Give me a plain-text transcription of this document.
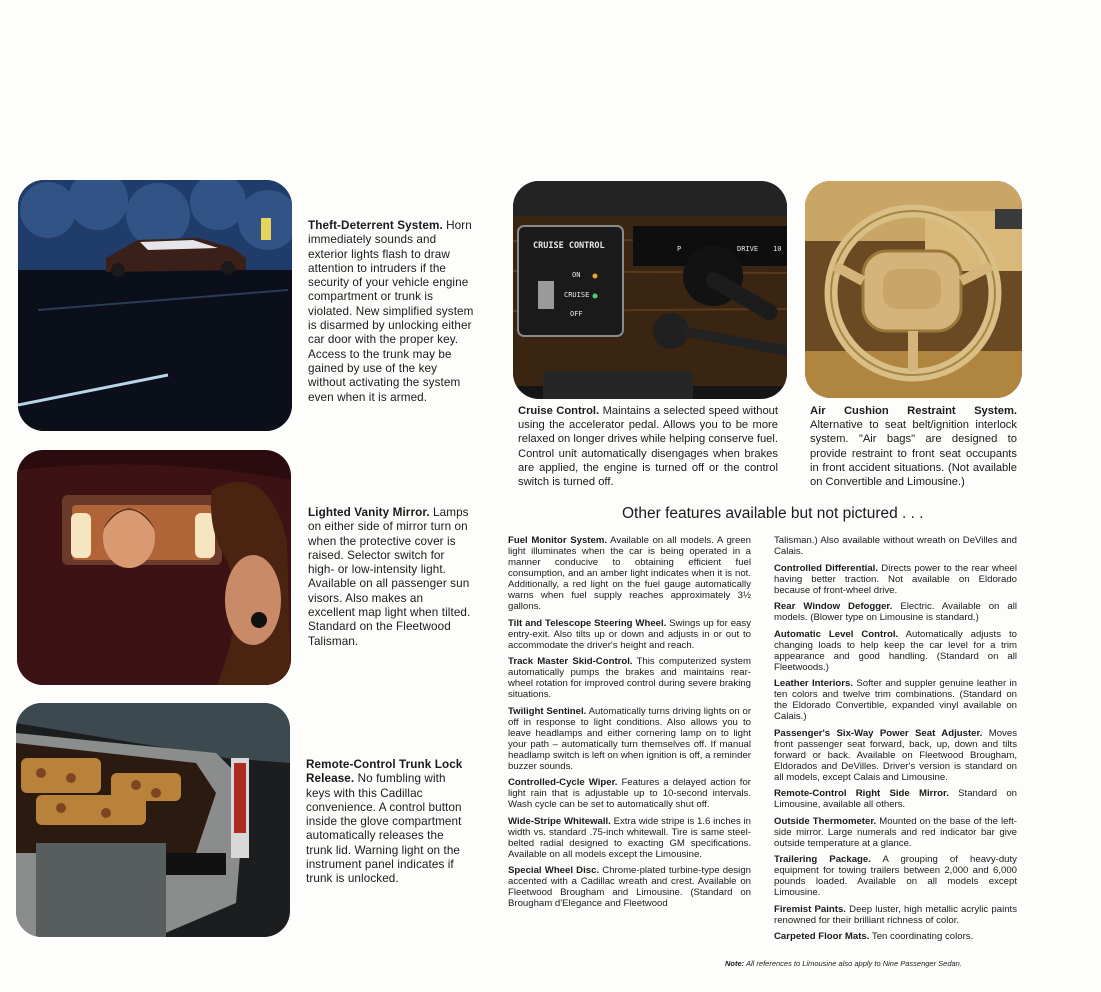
CRUISE CONTROL
ON
CRUISE
OFF
P	DRIVE 10
Theft-Deterrent System. Horn immediately sounds and exterior lights flash to draw attention to intruders if the security of your vehicle engine compartment or trunk is violated. New simplified system is disarmed by unlocking either car door with the proper key. Access to the trunk may be gained by use of the key without activating the system even when it is armed.
Lighted Vanity Mirror. Lamps on either side of mirror turn on when the protective cover is raised. Selector switch for high- or low-intensity light. Available on all passenger sun visors. Also makes an excellent map light when tilted. Standard on the Fleetwood Talisman.
Remote-Control Trunk Lock Release. No fumbling with keys with this Cadillac convenience. A control button inside the glove compartment automatically releases the trunk lid. Warning light on the instrument panel indicates if trunk is unlocked.
Cruise Control. Maintains a selected speed without using the accelerator pedal. Allows you to be more relaxed on longer drives while helping conserve fuel. Control unit automatically disengages when brakes are applied, the engine is turned off or the control switch is turned off.
Air Cushion Restraint System. Alternative to seat belt/ignition interlock system. "Air bags" are designed to provide restraint to front seat occupants in front accident situations. (Not available on Convertible and Limousine.)
Other features available but not pictured . . .

Fuel Monitor System. Available on all models. A green light illuminates when the car is being operated in a manner conducive to obtaining efficient fuel consumption, and an amber light indicates when it is not. Additionally, a red light on the fuel gauge automatically warns when fuel supply reaches approximately 3½ gallons.

Tilt and Telescope Steering Wheel. Swings up for easy entry-exit. Also tilts up or down and adjusts in or out to accommodate the driver's height and reach.

Track Master Skid-Control. This computerized system automatically pumps the brakes and maintains rear-wheel rotation for improved control during severe braking situations.

Twilight Sentinel. Automatically turns driving lights on or off in response to light conditions. Also allows you to leave headlamps and either cornering lamp on to light your path – automatically turn themselves off. If manual headlamp switch is left on when ignition is off, a reminder buzzer sounds.

Controlled-Cycle Wiper. Features a delayed action for light rain that is adjustable up to 10-second intervals. Wash cycle can be set to automatically shut off.

Wide-Stripe Whitewall. Extra wide stripe is 1.6 inches in width vs. standard .75-inch whitewall. Tire is same steel-belted radial designed to exacting GM specifications. Available on all models except the Limousine.

Special Wheel Disc. Chrome-plated turbine-type design accented with a Cadillac wreath and crest. Available on Fleetwood Brougham and Limousine. (Standard on Brougham d'Elegance and Fleetwood

Talisman.) Also available without wreath on DeVilles and Calais.

Controlled Differential. Directs power to the rear wheel having better traction. Not available on Eldorado because of front-wheel drive.

Rear Window Defogger. Electric. Available on all models. (Blower type on Limousine is standard.)

Automatic Level Control. Automatically adjusts to changing loads to help keep the car level for a trim appearance and good handling. (Standard on all Fleetwoods.)

Leather Interiors. Softer and suppler genuine leather in ten colors and twelve trim combinations. (Standard on the Eldorado Convertible, expanded vinyl available on Calais.)

Passenger's Six-Way Power Seat Adjuster. Moves front passenger seat forward, back, up, down and tilts forward or back. Available on Fleetwood Brougham, Eldorados and DeVilles. Driver's version is standard on all models, except Calais and Limousine.

Remote-Control Right Side Mirror. Standard on Limousine, available all others.

Outside Thermometer. Mounted on the base of the left-side mirror. Large numerals and red indicator bar give outside temperature at a glance.

Trailering Package. A grouping of heavy-duty equipment for towing trailers between 2,000 and 6,000 pounds loaded. Available on all models except Limousine.

Firemist Paints. Deep luster, high metallic acrylic paints renowned for their brilliant richness of color.

Carpeted Floor Mats. Ten coordinating colors.

Note: All references to Limousine also apply to Nine Passenger Sedan.
